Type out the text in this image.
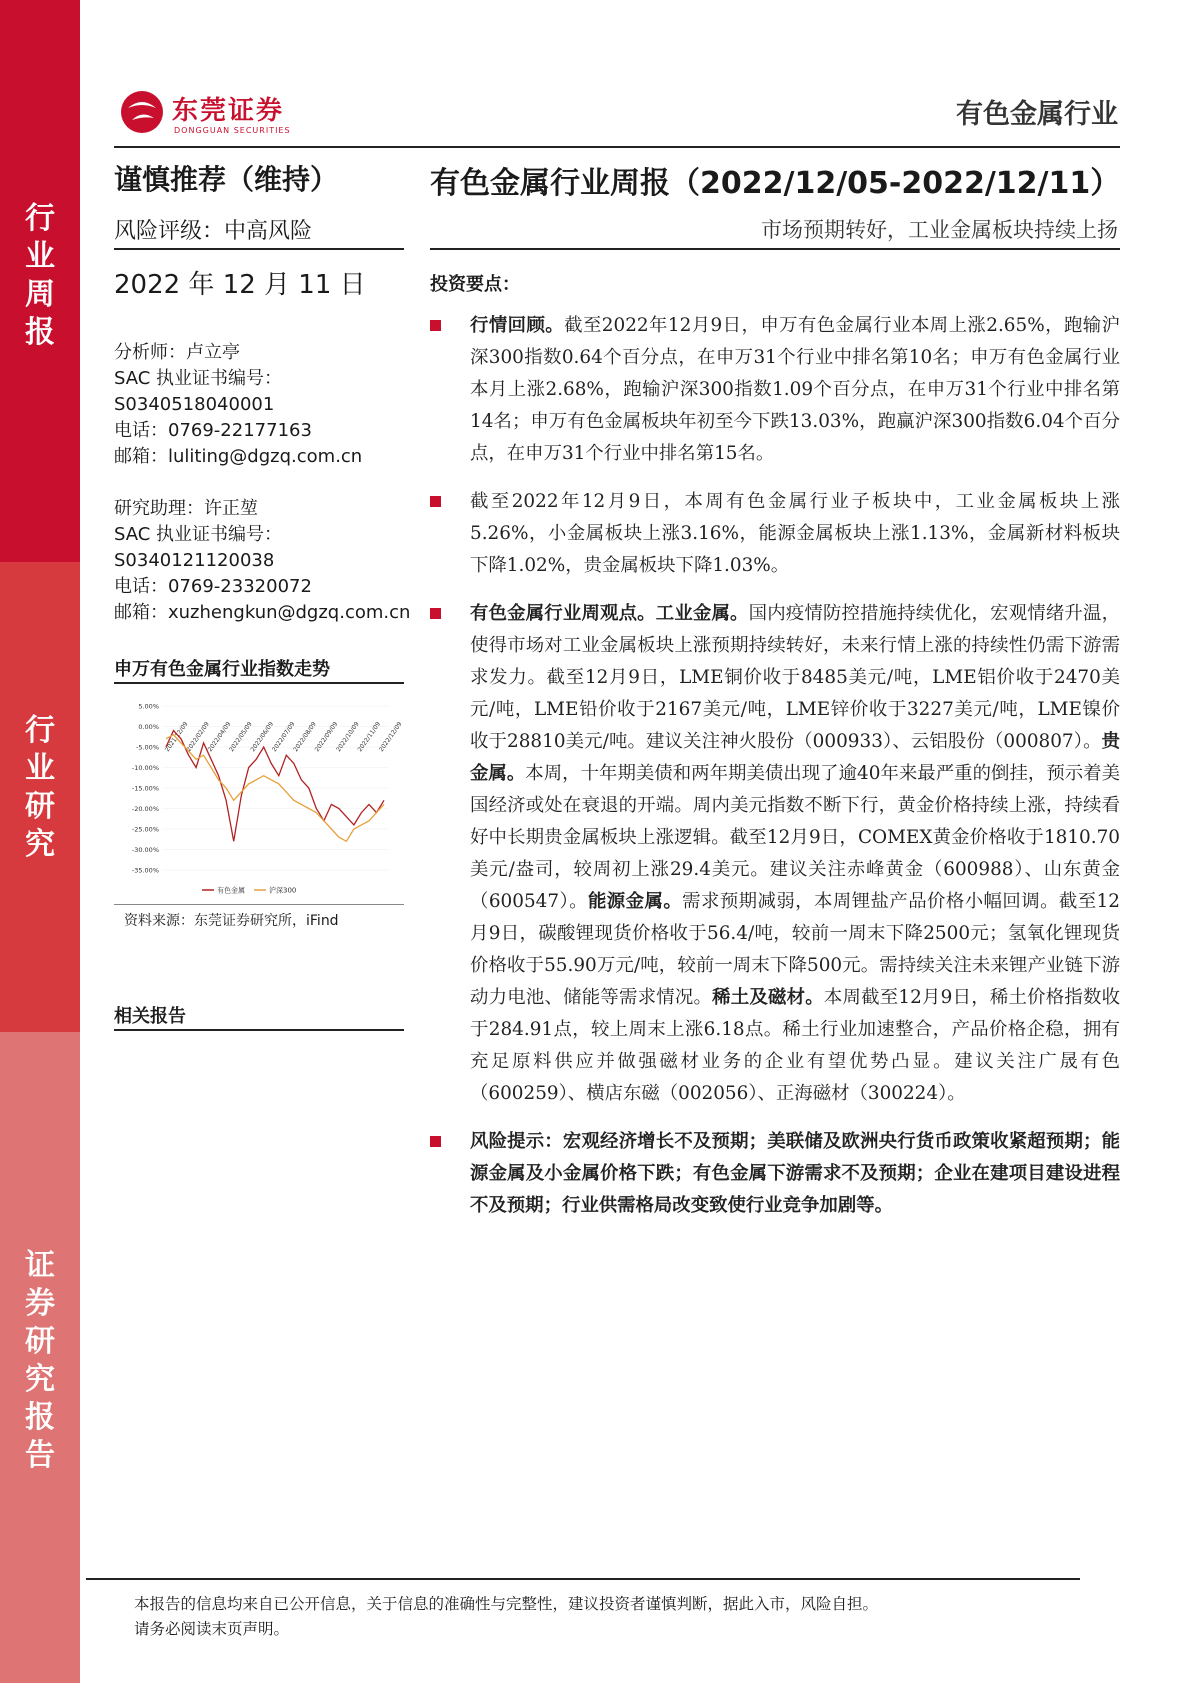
行业周报
行业研究
证券研究报告
东莞证券
DONGGUAN SECURITIES
有色金属行业
谨慎推荐（维持）
风险评级：中高风险
2022 年 12 月 11 日
分析师：卢立亭
SAC 执业证书编号：
S0340518040001
电话：0769-22177163
邮箱：luliting@dgzq.com.cn
研究助理：许正堃
SAC 执业证书编号：
S0340121120038
电话：0769-23320072
邮箱：xuzhengkun@dgzq.com.cn
申万有色金属行业指数走势
5.00%
0.00%
-5.00%
-10.00%
-15.00%
-20.00%
-25.00%
-30.00%
-35.00%
2021/12/09
2022/02/09
2022/04/09
2022/05/09
2022/06/09
2022/07/09
2022/08/09
2022/09/09
2022/10/09
2022/11/09
2022/12/09
有色金属	沪深300
资料来源：东莞证券研究所，iFind
相关报告
有色金属行业周报（2022/12/05-2022/12/11）
市场预期转好，工业金属板块持续上扬
投资要点：
行情回顾。截至2022年12月9日，申万有色金属行业本周上涨2.65%，跑输沪深300指数0.64个百分点，在申万31个行业中排名第10名；申万有色金属行业本月上涨2.68%，跑输沪深300指数1.09个百分点，在申万31个行业中排名第14名；申万有色金属板块年初至今下跌13.03%，跑赢沪深300指数6.04个百分点，在申万31个行业中排名第15名。
截至2022年12月9日，本周有色金属行业子板块中，工业金属板块上涨5.26%，小金属板块上涨3.16%，能源金属板块上涨1.13%，金属新材料板块下降1.02%，贵金属板块下降1.03%。
有色金属行业周观点。工业金属。国内疫情防控措施持续优化，宏观情绪升温，使得市场对工业金属板块上涨预期持续转好，未来行情上涨的持续性仍需下游需求发力。截至12月9日，LME铜价收于8485美元/吨，LME铝价收于2470美元/吨，LME铅价收于2167美元/吨，LME锌价收于3227美元/吨，LME镍价收于28810美元/吨。建议关注神火股份（000933）、云铝股份（000807）。贵金属。本周，十年期美债和两年期美债出现了逾40年来最严重的倒挂，预示着美国经济或处在衰退的开端。周内美元指数不断下行，黄金价格持续上涨，持续看好中长期贵金属板块上涨逻辑。截至12月9日，COMEX黄金价格收于1810.70美元/盎司，较周初上涨29.4美元。建议关注赤峰黄金（600988）、山东黄金（600547）。能源金属。需求预期减弱，本周锂盐产品价格小幅回调。截至12月9日，碳酸锂现货价格收于56.4/吨，较前一周末下降2500元；氢氧化锂现货价格收于55.90万元/吨，较前一周末下降500元。需持续关注未来锂产业链下游动力电池、储能等需求情况。稀土及磁材。本周截至12月9日，稀土价格指数收于284.91点，较上周末上涨6.18点。稀土行业加速整合，产品价格企稳，拥有充足原料供应并做强磁材业务的企业有望优势凸显。建议关注广晟有色（600259）、横店东磁（002056）、正海磁材（300224）。
风险提示：宏观经济增长不及预期；美联储及欧洲央行货币政策收紧超预期；能源金属及小金属价格下跌；有色金属下游需求不及预期；企业在建项目建设进程不及预期；行业供需格局改变致使行业竞争加剧等。
本报告的信息均来自已公开信息，关于信息的准确性与完整性，建议投资者谨慎判断，据此入市，风险自担。
请务必阅读末页声明。
